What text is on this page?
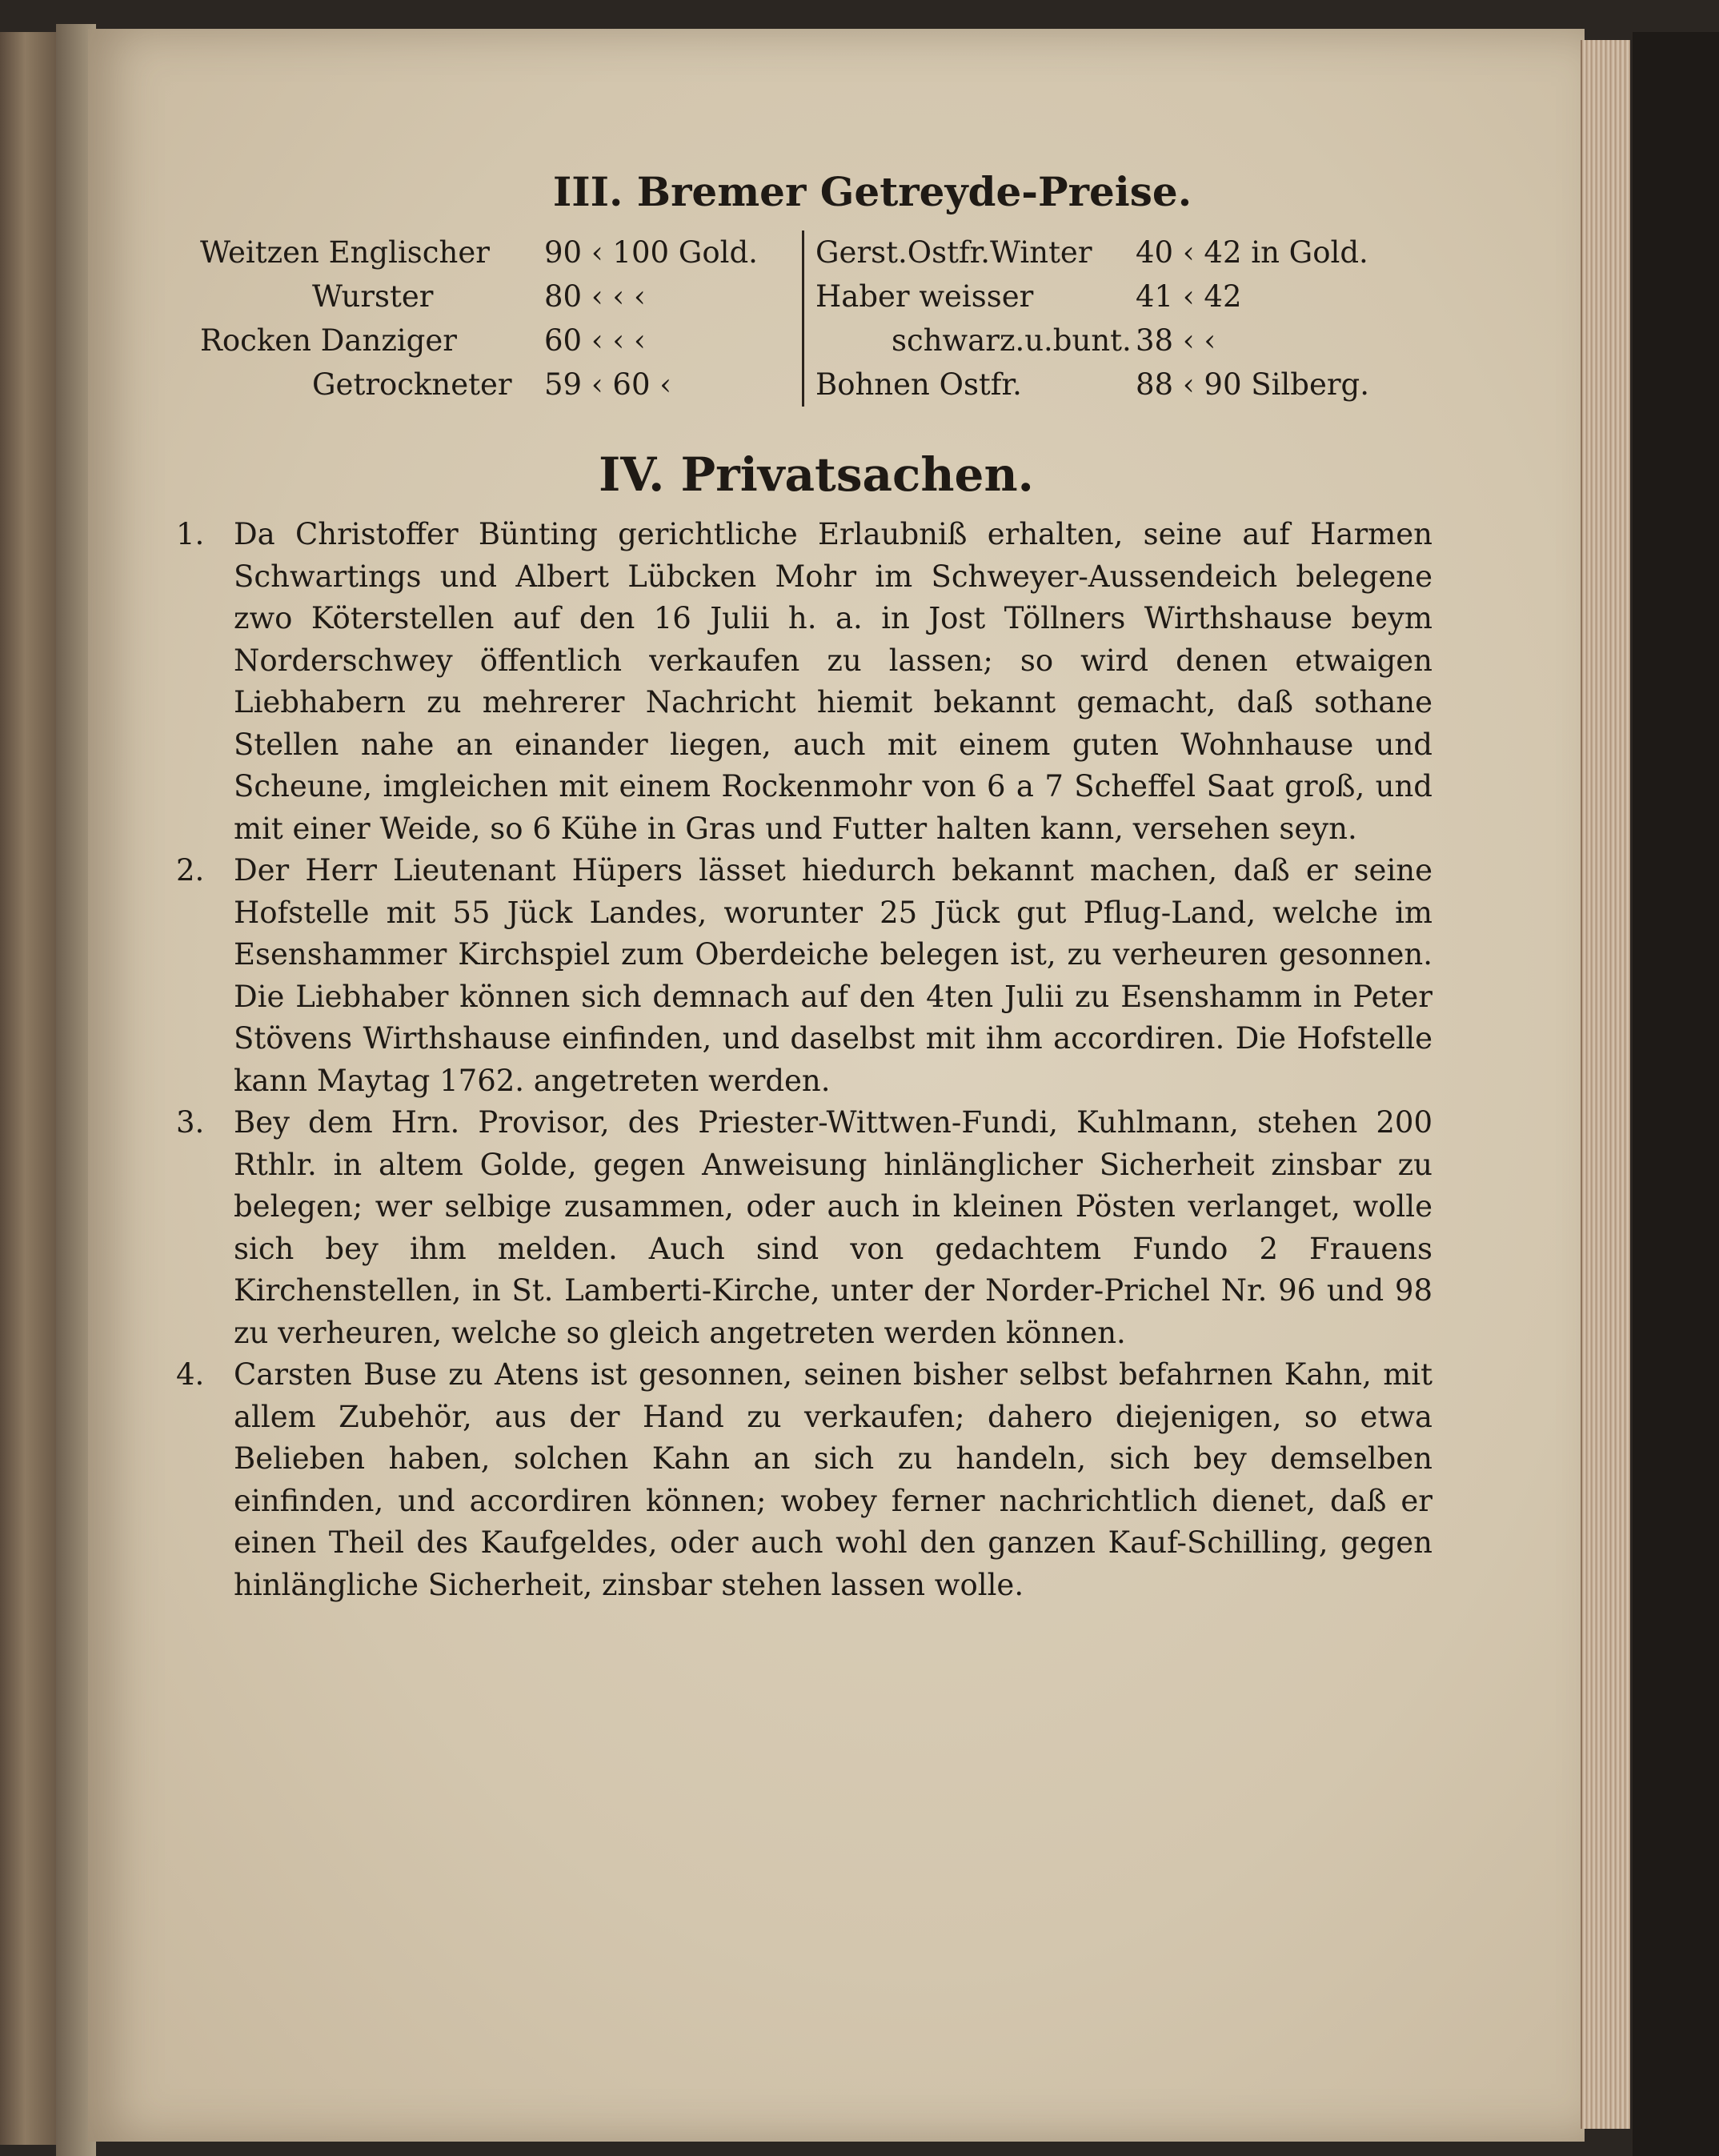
III. Bremer Getreyde-Preise.
Weitzen Englischer	90 ‹ 100 Gold.
Wurster	80 ‹ ‹ ‹
Rocken Danziger	60 ‹ ‹ ‹
Getrockneter	59 ‹ 60 ‹
Gerst.Ostfr.Winter	40 ‹ 42 in Gold.
Haber weisser	41 ‹ 42
schwarz.u.bunt. 38 ‹ ‹
Bohnen Ostfr.	88 ‹ 90 Silberg.
IV. Privatsachen.
1. Da Christoffer Bünting gerichtliche Erlaubniß erhalten, seine auf Harmen Schwartings und Albert Lübcken Mohr im Schweyer-Aussendeich belegene zwo Köterstellen auf den 16 Julii h. a. in Jost Töllners Wirthshause beym Norderschwey öffentlich verkaufen zu lassen; so wird denen etwaigen Liebhabern zu mehrerer Nachricht hiemit bekannt gemacht, daß sothane Stellen nahe an einander liegen, auch mit einem guten Wohnhause und Scheune, imgleichen mit einem Rockenmohr von 6 a 7 Scheffel Saat groß, und mit einer Weide, so 6 Kühe in Gras und Futter halten kann, versehen seyn.
2. Der Herr Lieutenant Hüpers lässet hiedurch bekannt machen, daß er seine Hofstelle mit 55 Jück Landes, worunter 25 Jück gut Pflug-Land, welche im Esenshammer Kirchspiel zum Oberdeiche belegen ist, zu verheuren gesonnen. Die Liebhaber können sich demnach auf den 4ten Julii zu Esenshamm in Peter Stövens Wirthshause einfinden, und daselbst mit ihm accordiren. Die Hofstelle kann Maytag 1762. angetreten werden.
3. Bey dem Hrn. Provisor, des Priester-Wittwen-Fundi, Kuhlmann, stehen 200 Rthlr. in altem Golde, gegen Anweisung hinlänglicher Sicherheit zinsbar zu belegen; wer selbige zusammen, oder auch in kleinen Pösten verlanget, wolle sich bey ihm melden. Auch sind von gedachtem Fundo 2 Frauens Kirchenstellen, in St. Lamberti-Kirche, unter der Norder-Prichel Nr. 96 und 98 zu verheuren, welche so gleich angetreten werden können.
4. Carsten Buse zu Atens ist gesonnen, seinen bisher selbst befahrnen Kahn, mit allem Zubehör, aus der Hand zu verkaufen; dahero diejenigen, so etwa Belieben haben, solchen Kahn an sich zu handeln, sich bey demselben einfinden, und accordiren können; wobey ferner nachrichtlich dienet, daß er einen Theil des Kaufgeldes, oder auch wohl den ganzen Kauf-Schilling, gegen hinlängliche Sicherheit, zinsbar stehen lassen wolle.
